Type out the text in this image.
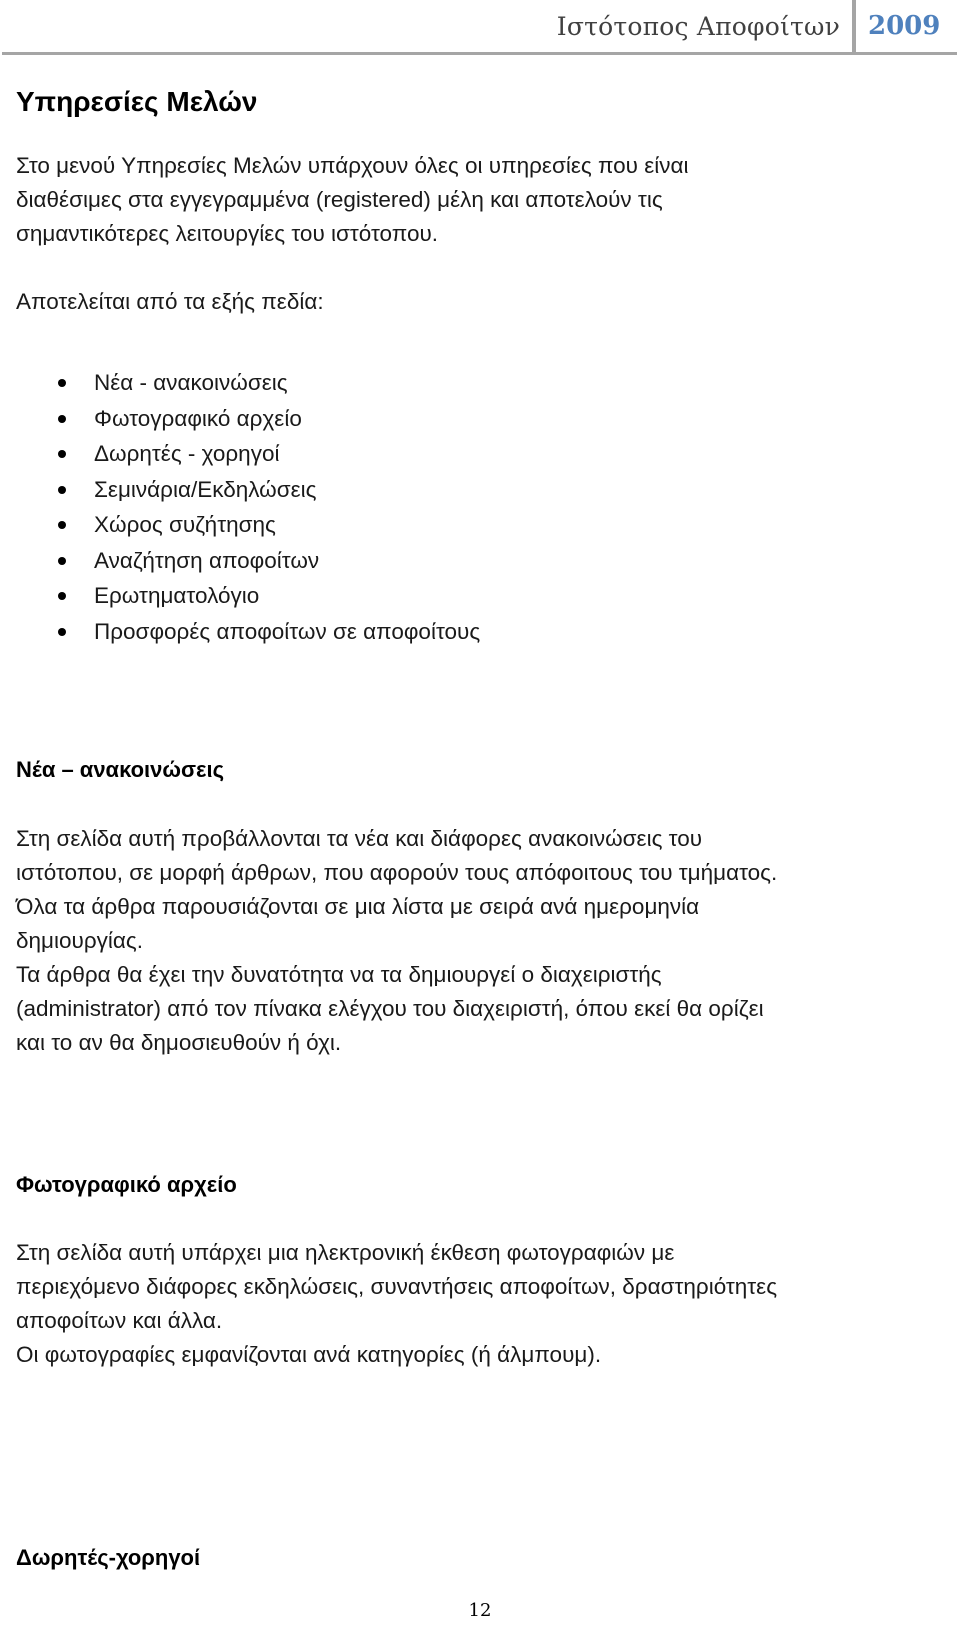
Ιστότοπος Αποφοίτων 2009
Υπηρεσίες Μελών
Στο μενού Υπηρεσίες Μελών υπάρχουν όλες οι υπηρεσίες που είναι
διαθέσιμες στα εγγεγραμμένα (registered) μέλη και αποτελούν τις
σημαντικότερες λειτουργίες του ιστότοπου.
Αποτελείται από τα εξής πεδία:
Νέα - ανακοινώσεις
Φωτογραφικό αρχείο
Δωρητές - χορηγοί
Σεμινάρια/Εκδηλώσεις
Χώρος συζήτησης
Αναζήτηση αποφοίτων
Ερωτηματολόγιο
Προσφορές αποφοίτων σε αποφοίτους
Νέα – ανακοινώσεις
Στη σελίδα αυτή προβάλλονται τα νέα και διάφορες ανακοινώσεις του
ιστότοπου, σε μορφή άρθρων, που αφορούν τους απόφοιτους του τμήματος.
Όλα τα άρθρα παρουσιάζονται σε μια λίστα με σειρά ανά ημερομηνία
δημιουργίας.
Τα άρθρα θα έχει την δυνατότητα να τα δημιουργεί ο διαχειριστής
(administrator) από τον πίνακα ελέγχου του διαχειριστή, όπου εκεί θα ορίζει
και το αν θα δημοσιευθούν ή όχι.
Φωτογραφικό αρχείο
Στη σελίδα αυτή υπάρχει μια ηλεκτρονική έκθεση φωτογραφιών με
περιεχόμενο διάφορες εκδηλώσεις, συναντήσεις αποφοίτων, δραστηριότητες
αποφοίτων και άλλα.
Οι φωτογραφίες εμφανίζονται ανά κατηγορίες (ή άλμπουμ).
Δωρητές-χορηγοί
12
